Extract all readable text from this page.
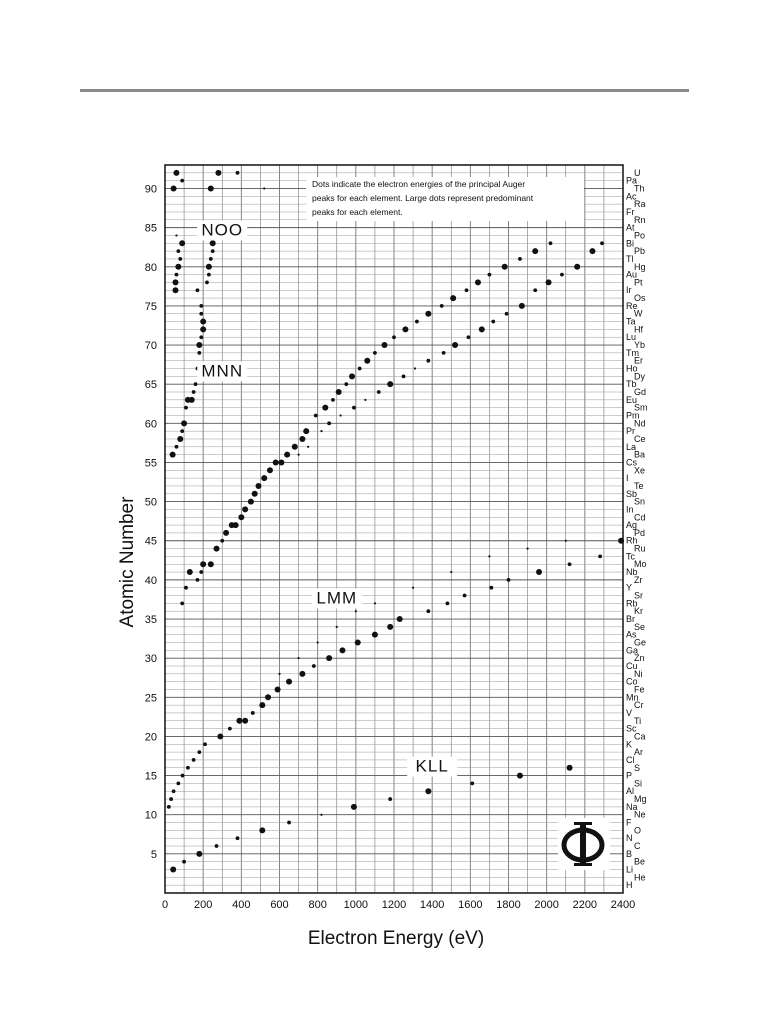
0 200 400 600 800 1000 1200 1400 1600 1800 2000 2200 2400
5
10
15
20
25
30
35
40
45
50
55
60
65
70
75
80
85
90
H
He
Li
Be
B
C
N
O
F
Ne
Na
Mg
Al
Si
P
S
Cl
Ar
K
Ca
Sc
Ti
V
Cr
Mn
Fe
Co
Ni
Cu
Zn
Ga
Ge
As
Se
Br
Kr
Rb
Sr
Y
Zr
Nb
Mo
Tc
Ru
Rh
Pd
Ag
Cd
In
Sn
Sb
Te
I
Xe
Cs
Ba
La
Ce
Pr
Nd
Pm
Sm
Eu
Gd
Tb
Dy
Ho
Er
Tm
Yb
Lu
Hf
Ta
W
Re
Os
Ir
Pt
Au
Hg
Tl
Pb
Bi
Po
At
Rn
Fr
Ra
Ac
Th
Pa
U
KLL
LMM
MNN
NOO
Dots indicate the electron energies of the principal Auger
peaks for each element. Large dots represent predominant
peaks for each element.
Electron Energy (eV)
Atomic Number
